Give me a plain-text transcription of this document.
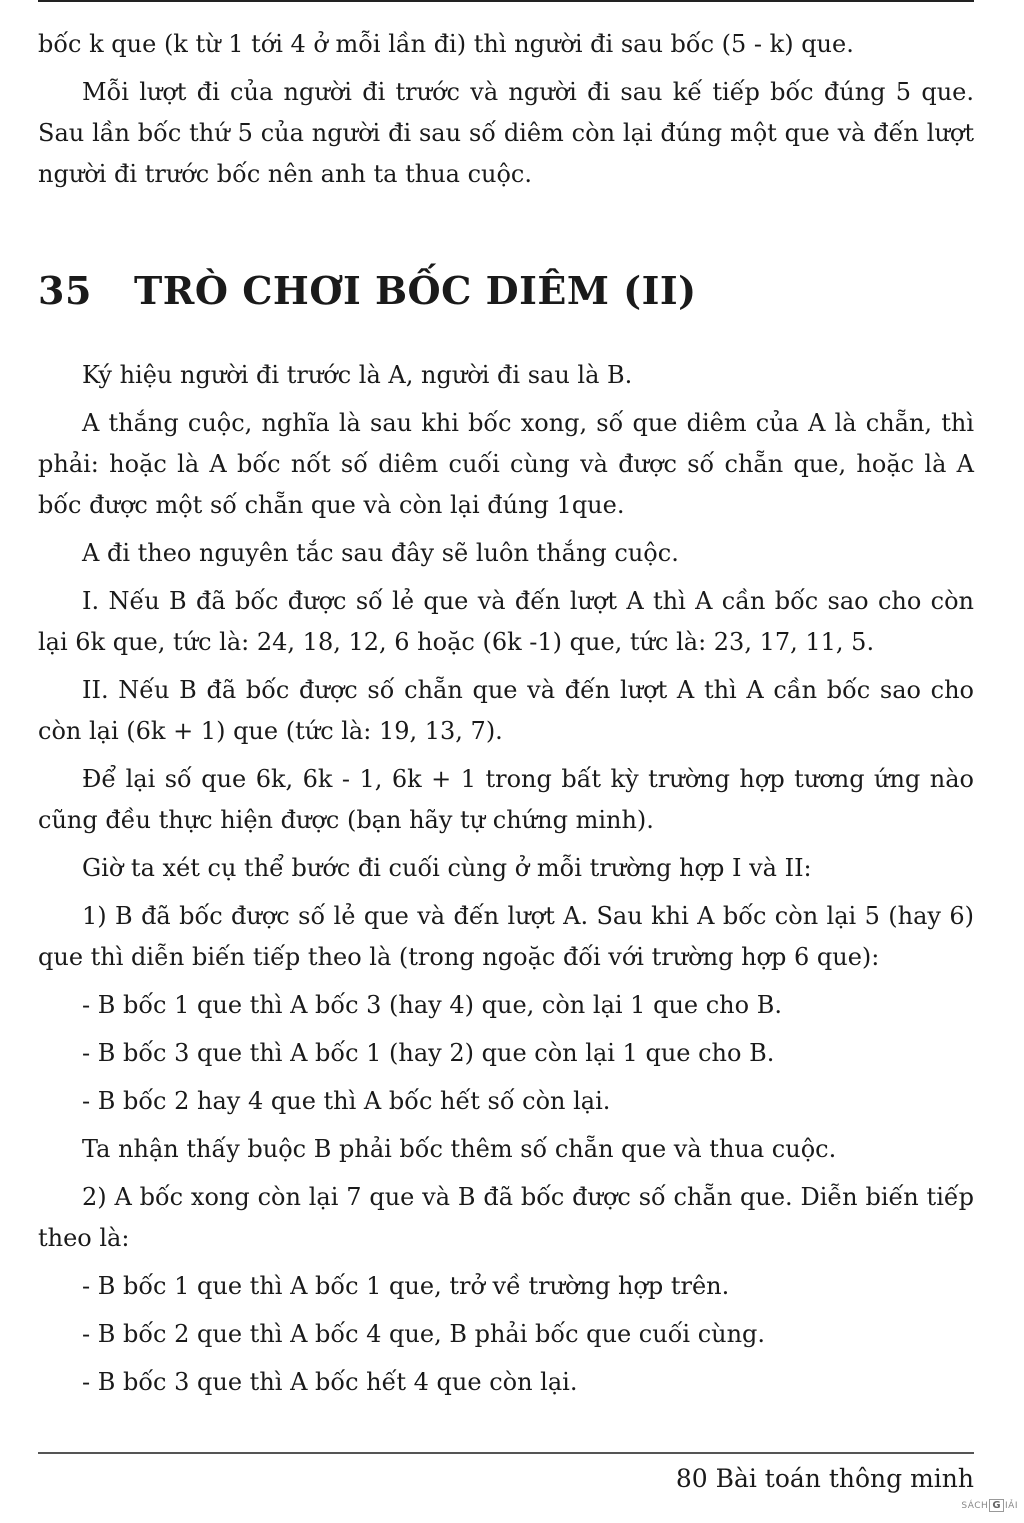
bốc k que (k từ 1 tới 4 ở mỗi lần đi) thì người đi sau bốc (5 - k) que.

Mỗi lượt đi của người đi trước và người đi sau kế tiếp bốc đúng 5 que. Sau lần bốc thứ 5 của người đi sau số diêm còn lại đúng một que và đến lượt người đi trước bốc nên anh ta thua cuộc.

35 TRÒ CHƠI BỐC DIÊM (II)

Ký hiệu người đi trước là A, người đi sau là B.

A thắng cuộc, nghĩa là sau khi bốc xong, số que diêm của A là chẵn, thì phải: hoặc là A bốc nốt số diêm cuối cùng và được số chẵn que, hoặc là A bốc được một số chẵn que và còn lại đúng 1que.

A đi theo nguyên tắc sau đây sẽ luôn thắng cuộc.

I. Nếu B đã bốc được số lẻ que và đến lượt A thì A cần bốc sao cho còn lại 6k que, tức là: 24, 18, 12, 6 hoặc (6k -1) que, tức là: 23, 17, 11, 5.

II. Nếu B đã bốc được số chẵn que và đến lượt A thì A cần bốc sao cho còn lại (6k + 1) que (tức là: 19, 13, 7).

Để lại số que 6k, 6k - 1, 6k + 1 trong bất kỳ trường hợp tương ứng nào cũng đều thực hiện được (bạn hãy tự chứng minh).

Giờ ta xét cụ thể bước đi cuối cùng ở mỗi trường hợp I và II:

1) B đã bốc được số lẻ que và đến lượt A. Sau khi A bốc còn lại 5 (hay 6) que thì diễn biến tiếp theo là (trong ngoặc đối với trường hợp 6 que):

- B bốc 1 que thì A bốc 3 (hay 4) que, còn lại 1 que cho B.
- B bốc 3 que thì A bốc 1 (hay 2) que còn lại 1 que cho B.
- B bốc 2 hay 4 que thì A bốc hết số còn lại.

Ta nhận thấy buộc B phải bốc thêm số chẵn que và thua cuộc.

2) A bốc xong còn lại 7 que và B đã bốc được số chẵn que. Diễn biến tiếp theo là:

- B bốc 1 que thì A bốc 1 que, trở về trường hợp trên.
- B bốc 2 que thì A bốc 4 que, B phải bốc que cuối cùng.
- B bốc 3 que thì A bốc hết 4 que còn lại.
80 Bài toán thông minh
SÁCH G IẢI
